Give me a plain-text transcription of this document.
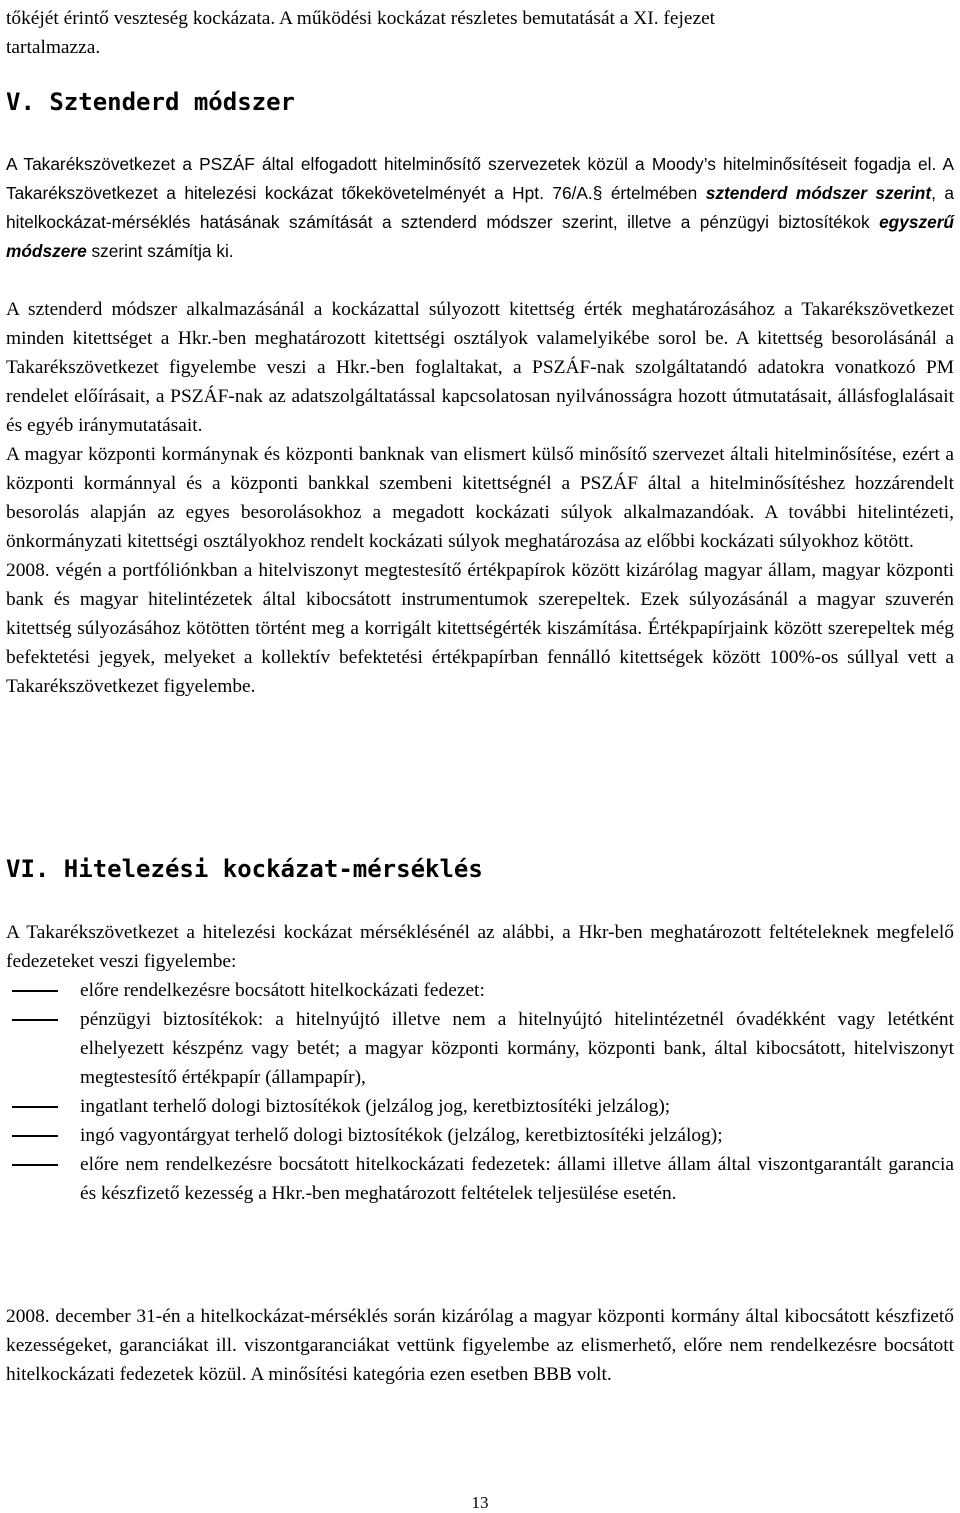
tőkéjét érintő veszteség kockázata. A működési kockázat részletes bemutatását a XI. fejezet

tartalmazza.

V. Sztenderd módszer

A Takarékszövetkezet a PSZÁF által elfogadott hitelminősítő szervezetek közül a Moody’s hitelminősítéseit fogadja el. A Takarékszövetkezet a hitelezési kockázat tőkekövetelményét a Hpt. 76/A.§ értelmében sztenderd módszer szerint, a hitelkockázat-mérséklés hatásának számítását a sztenderd módszer szerint, illetve a pénzügyi biztosítékok egyszerű módszere szerint számítja ki.

A sztenderd módszer alkalmazásánál a kockázattal súlyozott kitettség érték meghatározásához a Takarékszövetkezet minden kitettséget a Hkr.-ben meghatározott kitettségi osztályok valamelyikébe sorol be. A kitettség besorolásánál a Takarékszövetkezet figyelembe veszi a Hkr.-ben foglaltakat, a PSZÁF-nak szolgáltatandó adatokra vonatkozó PM rendelet előírásait, a PSZÁF-nak az adatszolgáltatással kapcsolatosan nyilvánosságra hozott útmutatásait, állásfoglalásait és egyéb iránymutatásait.

A magyar központi kormánynak és központi banknak van elismert külső minősítő szervezet általi hitelminősítése, ezért a központi kormánnyal és a központi bankkal szembeni kitettségnél a PSZÁF által a hitelminősítéshez hozzárendelt besorolás alapján az egyes besorolásokhoz a megadott kockázati súlyok alkalmazandóak. A további hitelintézeti, önkormányzati kitettségi osztályokhoz rendelt kockázati súlyok meghatározása az előbbi kockázati súlyokhoz kötött.

2008. végén a portfóliónkban a hitelviszonyt megtestesítő értékpapírok között kizárólag magyar állam, magyar központi bank és magyar hitelintézetek által kibocsátott instrumentumok szerepeltek. Ezek súlyozásánál a magyar szuverén kitettség súlyozásához kötötten történt meg a korrigált kitettségérték kiszámítása. Értékpapírjaink között szerepeltek még befektetési jegyek, melyeket a kollektív befektetési értékpapírban fennálló kitettségek között 100%-os súllyal vett a Takarékszövetkezet figyelembe.

VI. Hitelezési kockázat-mérséklés

A Takarékszövetkezet a hitelezési kockázat mérséklésénél az alábbi, a Hkr-ben meghatározott feltételeknek megfelelő fedezeteket veszi figyelembe:

előre rendelkezésre bocsátott hitelkockázati fedezet:
pénzügyi biztosítékok: a hitelnyújtó illetve nem a hitelnyújtó hitelintézetnél óvadékként vagy letétként elhelyezett készpénz vagy betét; a magyar központi kormány, központi bank, által kibocsátott, hitelviszonyt megtestesítő értékpapír (állampapír),
ingatlant terhelő dologi biztosítékok (jelzálog jog, keretbiztosítéki jelzálog);
ingó vagyontárgyat terhelő dologi biztosítékok (jelzálog, keretbiztosítéki jelzálog);
előre nem rendelkezésre bocsátott hitelkockázati fedezetek: állami illetve állam által viszontgarantált garancia és készfizető kezesség a Hkr.-ben meghatározott feltételek teljesülése esetén.

2008. december 31-én a hitelkockázat-mérséklés során kizárólag a magyar központi kormány által kibocsátott készfizető kezességeket, garanciákat ill. viszontgaranciákat vettünk figyelembe az elismerhető, előre nem rendelkezésre bocsátott hitelkockázati fedezetek közül. A minősítési kategória ezen esetben BBB volt.

13
